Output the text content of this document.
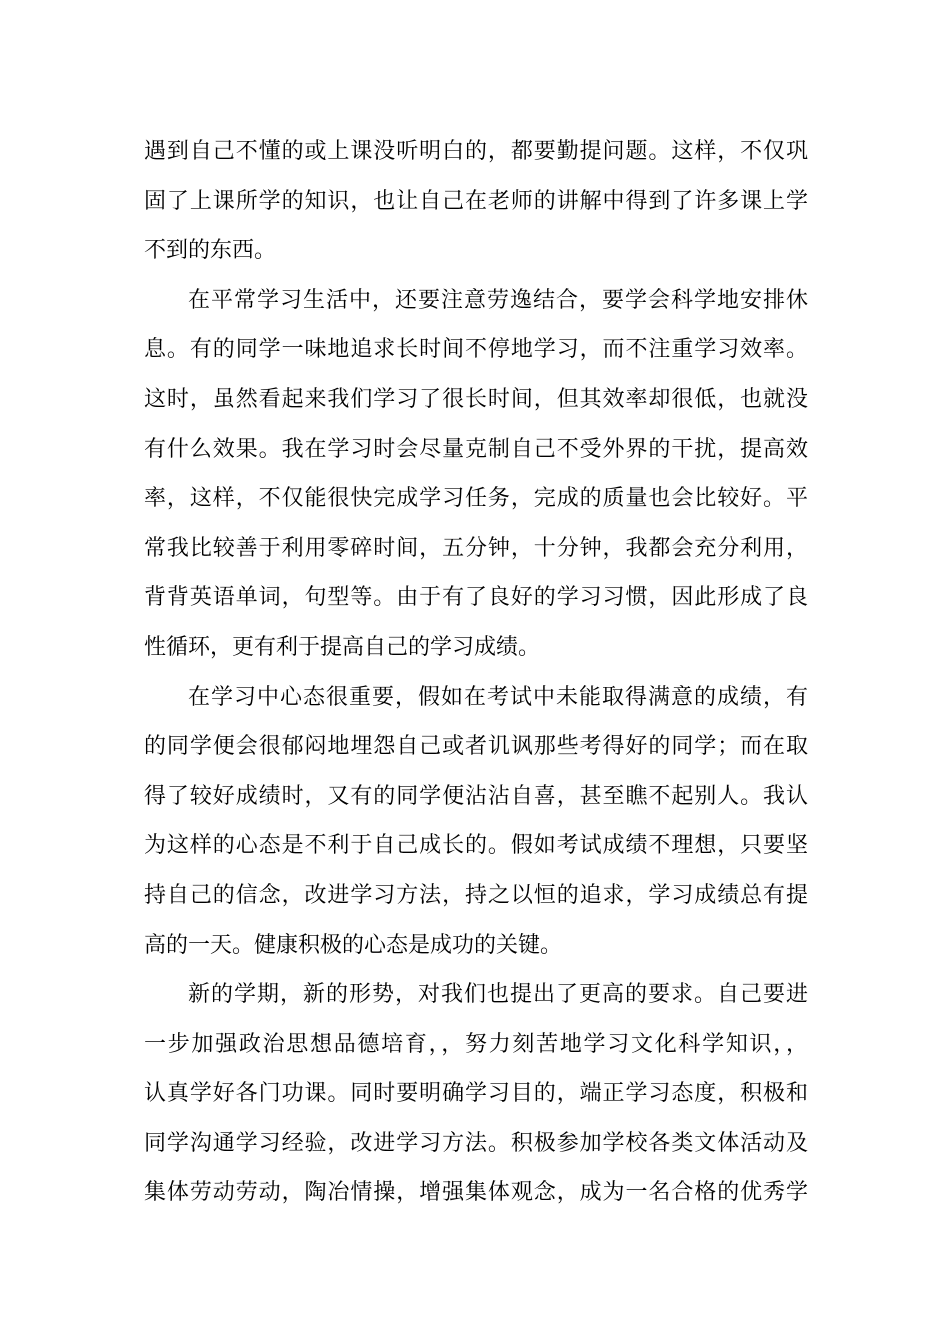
遇到自己不懂的或上课没听明白的，都要勤提问题。这样，不仅巩
固了上课所学的知识，也让自己在老师的讲解中得到了许多课上学
不到的东西。
在平常学习生活中，还要注意劳逸结合，要学会科学地安排休
息。有的同学一味地追求长时间不停地学习，而不注重学习效率。
这时，虽然看起来我们学习了很长时间，但其效率却很低，也就没
有什么效果。我在学习时会尽量克制自己不受外界的干扰，提高效
率，这样，不仅能很快完成学习任务，完成的质量也会比较好。平
常我比较善于利用零碎时间，五分钟，十分钟，我都会充分利用，
背背英语单词，句型等。由于有了良好的学习习惯，因此形成了良
性循环，更有利于提高自己的学习成绩。
在学习中心态很重要，假如在考试中未能取得满意的成绩，有
的同学便会很郁闷地埋怨自己或者讥讽那些考得好的同学；而在取
得了较好成绩时，又有的同学便沾沾自喜，甚至瞧不起别人。我认
为这样的心态是不利于自己成长的。假如考试成绩不理想，只要坚
持自己的信念，改进学习方法，持之以恒的追求，学习成绩总有提
高的一天。健康积极的心态是成功的关键。
新的学期，新的形势，对我们也提出了更高的要求。自己要进
一步加强政治思想品德培育，，努力刻苦地学习文化科学知识，，
认真学好各门功课。同时要明确学习目的，端正学习态度，积极和
同学沟通学习经验，改进学习方法。积极参加学校各类文体活动及
集体劳动劳动，陶冶情操，增强集体观念，成为一名合格的优秀学
